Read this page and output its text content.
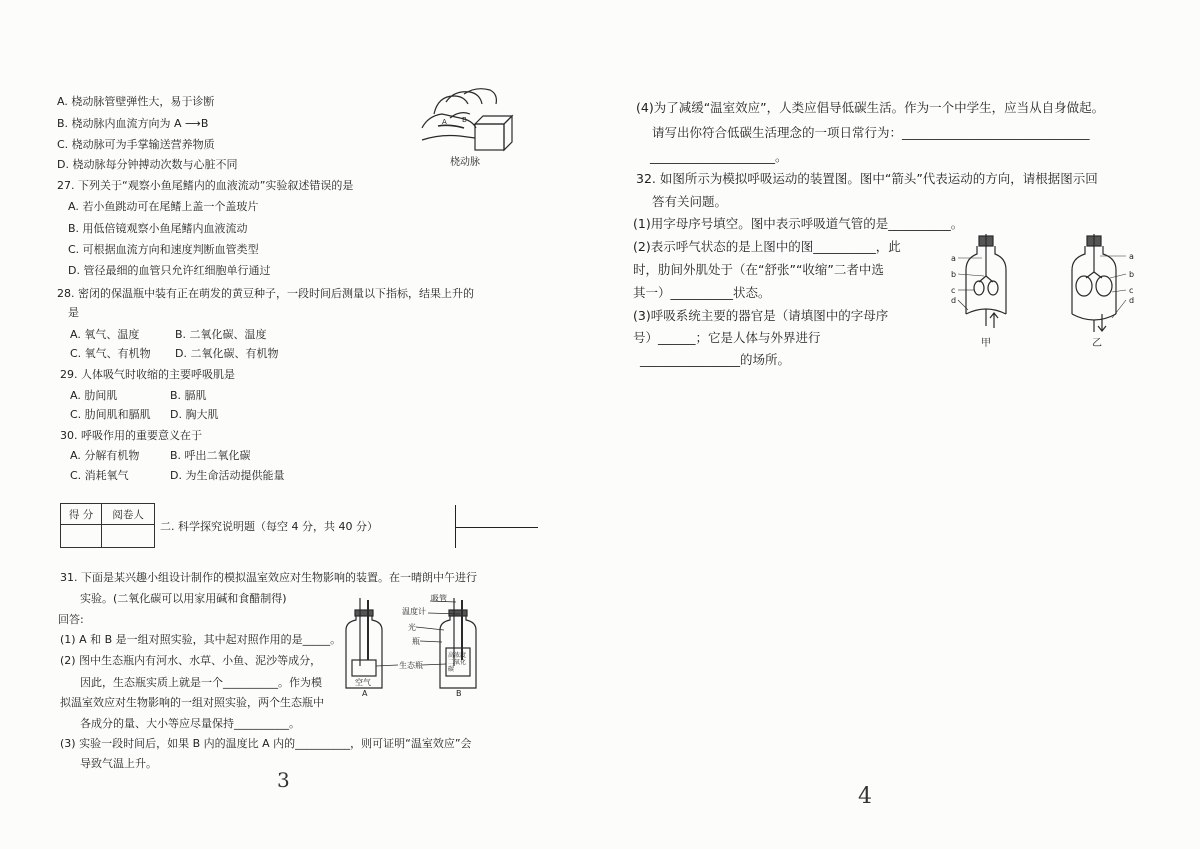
A. 桡动脉管壁弹性大，易于诊断
B. 桡动脉内血流方向为 A ⟶B
C. 桡动脉可为手掌输送营养物质
D. 桡动脉每分钟搏动次数与心脏不同
A B
桡动脉
27. 下列关于“观察小鱼尾鳍内的血液流动”实验叙述错误的是
A. 若小鱼跳动可在尾鳍上盖一个盖玻片
B. 用低倍镜观察小鱼尾鳍内血液流动
C. 可根据血流方向和速度判断血管类型
D. 管径最细的血管只允许红细胞单行通过
28. 密闭的保温瓶中装有正在萌发的黄豆种子，一段时间后测量以下指标，结果上升的
是
A. 氧气、温度	B. 二氧化碳、温度
C. 氧气、有机物 D. 二氧化碳、有机物
29. 人体吸气时收缩的主要呼吸肌是
A. 肋间肌	B. 膈肌
C. 肋间肌和膈肌 D. 胸大肌
30. 呼吸作用的重要意义在于
A. 分解有机物	B. 呼出二氧化碳
C. 消耗氧气	D. 为生命活动提供能量
得 分	阅卷人

二. 科学探究说明题（每空 4 分，共 40 分）
31. 下面是某兴趣小组设计制作的模拟温室效应对生物影响的装置。在一晴朗中午进行
实验。(二氧化碳可以用家用碱和食醋制得)
回答:
(1) A 和 B 是一组对照实验，其中起对照作用的是_____。
(2) 图中生态瓶内有河水、水草、小鱼、泥沙等成分，
因此，生态瓶实质上就是一个__________。作为模
拟温室效应对生物影响的一组对照实验，两个生态瓶中
各成分的量、大小等应尽量保持__________。
(3) 实验一段时间后，如果 B 内的温度比 A 内的__________，则可证明“温室效应”会
导致气温上升。
吸管
温度计
光
瓶
生态瓶
空气
高浓度二氧化碳
A	B
3
(4)为了减缓“温室效应”，人类应倡导低碳生活。作为一个中学生，应当从自身做起。
请写出你符合低碳生活理念的一项日常行为：______________________________
____________________。
32. 如图所示为模拟呼吸运动的装置图。图中“箭头”代表运动的方向，请根据图示回
答有关问题。
(1)用字母序号填空。图中表示呼吸道气管的是__________。
(2)表示呼气状态的是上图中的图__________，此
时，肋间外肌处于（在“舒张”“收缩”二者中选
其一）__________状态。
(3)呼吸系统主要的器官是（请填图中的字母序
号）______；它是人体与外界进行
________________的场所。
a
b
c
d
甲
a
b
c
d
乙
4
